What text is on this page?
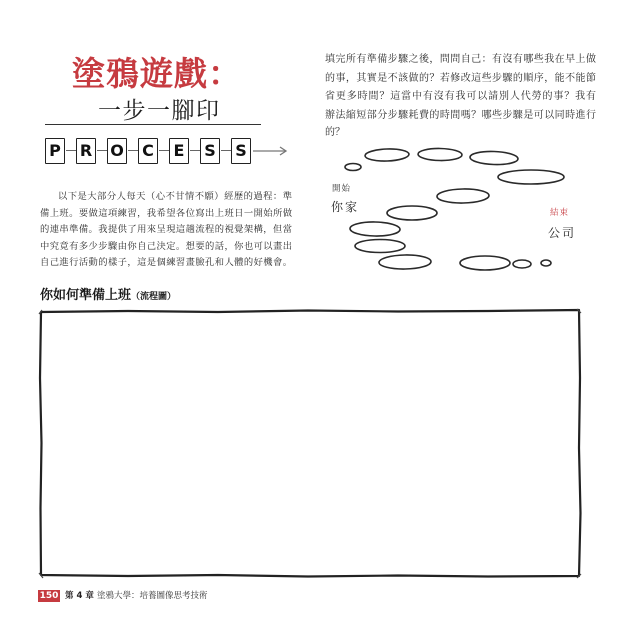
塗鴉遊戲：
一步一腳印
P R O C E S S
以下是大部分人每天（心不甘情不願）經歷的過程：準
備上班。要做這項練習，我希望各位寫出上班日一開始所做
的連串準備。我提供了用來呈現這趟流程的視覺架構，但當
中究竟有多少步驟由你自己決定。想要的話，你也可以畫出
自己進行活動的樣子，這是個練習畫臉孔和人體的好機會。
填完所有準備步驟之後，問問自己：有沒有哪些我在早上做
的事，其實是不該做的？若修改這些步驟的順序，能不能節
省更多時間？這當中有沒有我可以請別人代勞的事？我有
辦法縮短部分步驟耗費的時間嗎？哪些步驟是可以同時進行
的？
開始
你家	結束
公司
你如何準備上班（流程圖）
150 第 4 章 塗鴉大學：培養圖像思考技術
